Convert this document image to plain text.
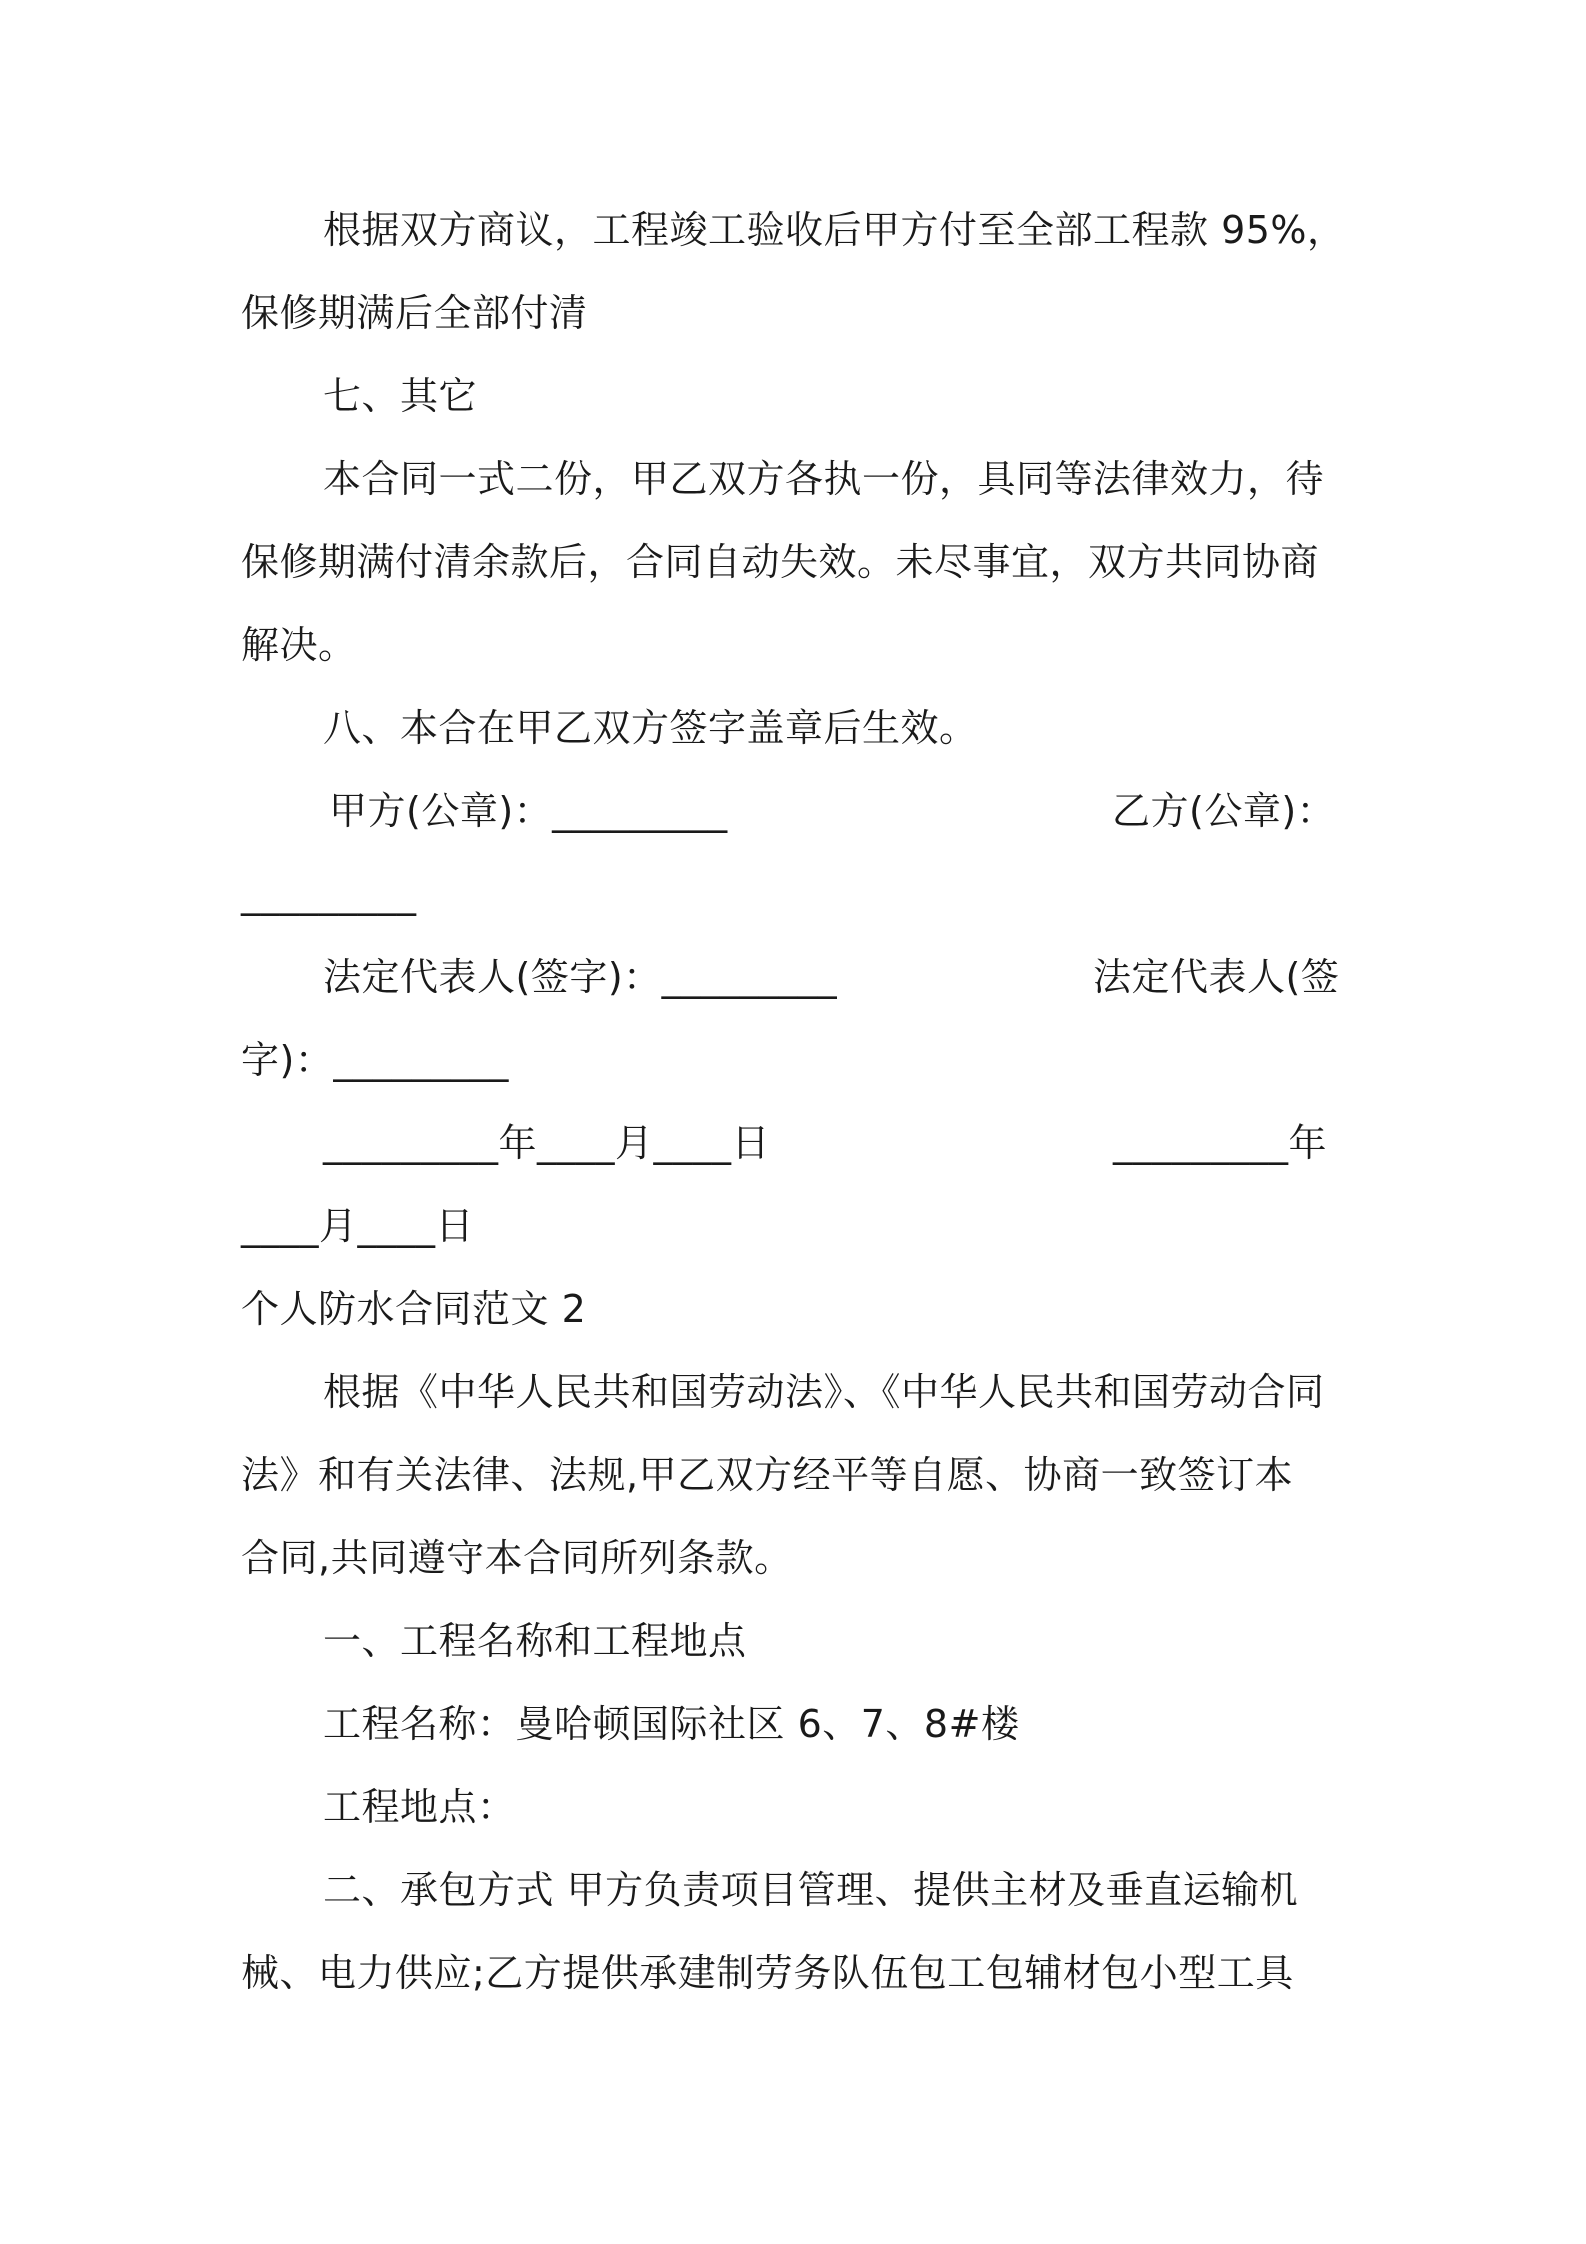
根据双方商议，工程竣工验收后甲方付至全部工程款 95%，
保修期满后全部付清
七、其它
本合同一式二份，甲乙双方各执一份，具同等法律效力，待
保修期满付清余款后，合同自动失效。未尽事宜，双方共同协商
解决。
八、本合在甲乙双方签字盖章后生效。
甲方(公章)：_________	乙方(公章)：
_________
法定代表人(签字)：_________	法定代表人(签
字)：_________
_________年____月____日	_________年
____月____日
个人防水合同范文 2
根据《中华人民共和国劳动法》、《中华人民共和国劳动合同
法》和有关法律、法规,甲乙双方经平等自愿、协商一致签订本
合同,共同遵守本合同所列条款。
一、工程名称和工程地点
工程名称：曼哈顿国际社区 6、7、8#楼
工程地点：
二、承包方式 甲方负责项目管理、提供主材及垂直运输机
械、电力供应;乙方提供承建制劳务队伍包工包辅材包小型工具
